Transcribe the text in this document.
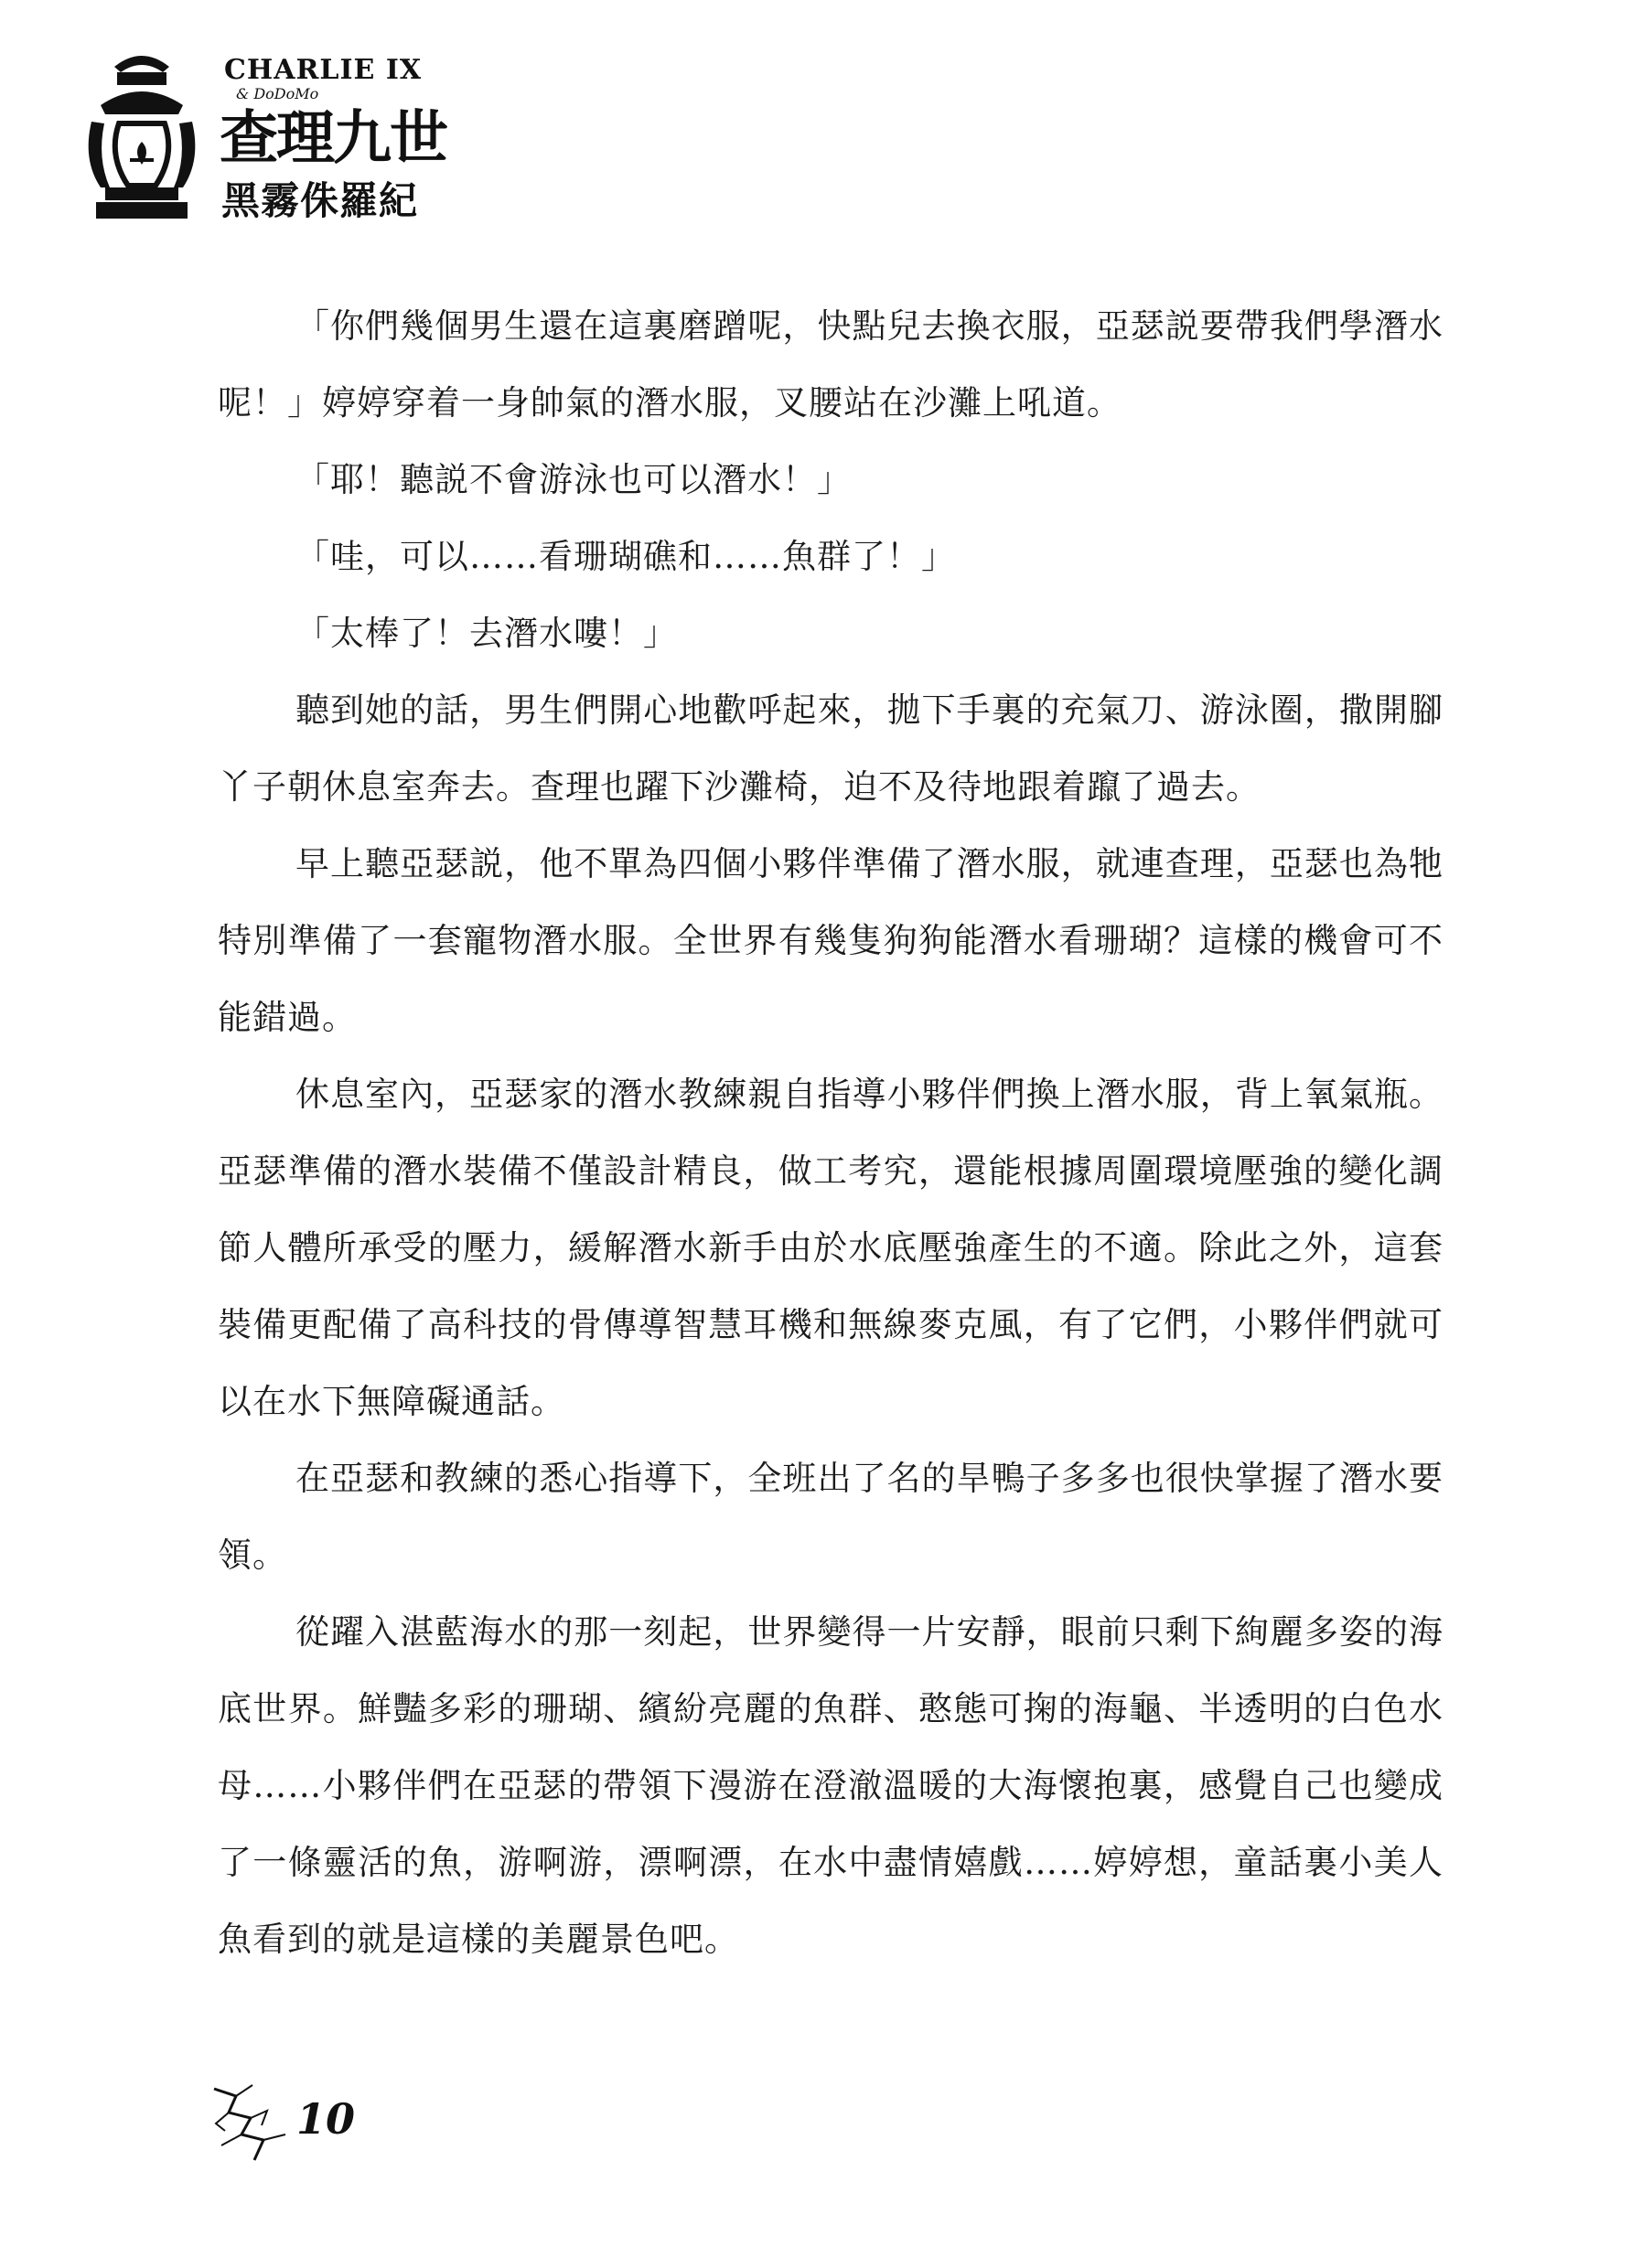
CHARLIE IX
& DoDoMo
查理九世
黑霧侏羅紀

「你們幾個男生還在這裏磨蹭呢，快點兒去換衣服，亞瑟説要帶我們學潛水呢！」婷婷穿着一身帥氣的潛水服，叉腰站在沙灘上吼道。

「耶！聽説不會游泳也可以潛水！」

「哇，可以……看珊瑚礁和……魚群了！」

「太棒了！去潛水嘍！」

聽到她的話，男生們開心地歡呼起來，拋下手裏的充氣刀、游泳圈，撒開腳丫子朝休息室奔去。查理也躍下沙灘椅，迫不及待地跟着躥了過去。

早上聽亞瑟説，他不單為四個小夥伴準備了潛水服，就連查理，亞瑟也為牠特別準備了一套寵物潛水服。全世界有幾隻狗狗能潛水看珊瑚？這樣的機會可不能錯過。

休息室內，亞瑟家的潛水教練親自指導小夥伴們換上潛水服，背上氧氣瓶。亞瑟準備的潛水裝備不僅設計精良，做工考究，還能根據周圍環境壓強的變化調節人體所承受的壓力，緩解潛水新手由於水底壓強產生的不適。除此之外，這套裝備更配備了高科技的骨傳導智慧耳機和無線麥克風，有了它們，小夥伴們就可以在水下無障礙通話。

在亞瑟和教練的悉心指導下，全班出了名的旱鴨子多多也很快掌握了潛水要領。

從躍入湛藍海水的那一刻起，世界變得一片安靜，眼前只剩下絢麗多姿的海底世界。鮮豔多彩的珊瑚、繽紛亮麗的魚群、憨態可掬的海龜、半透明的白色水母……小夥伴們在亞瑟的帶領下漫游在澄澈溫暖的大海懷抱裏，感覺自己也變成了一條靈活的魚，游啊游，漂啊漂，在水中盡情嬉戲……婷婷想，童話裏小美人魚看到的就是這樣的美麗景色吧。

10
